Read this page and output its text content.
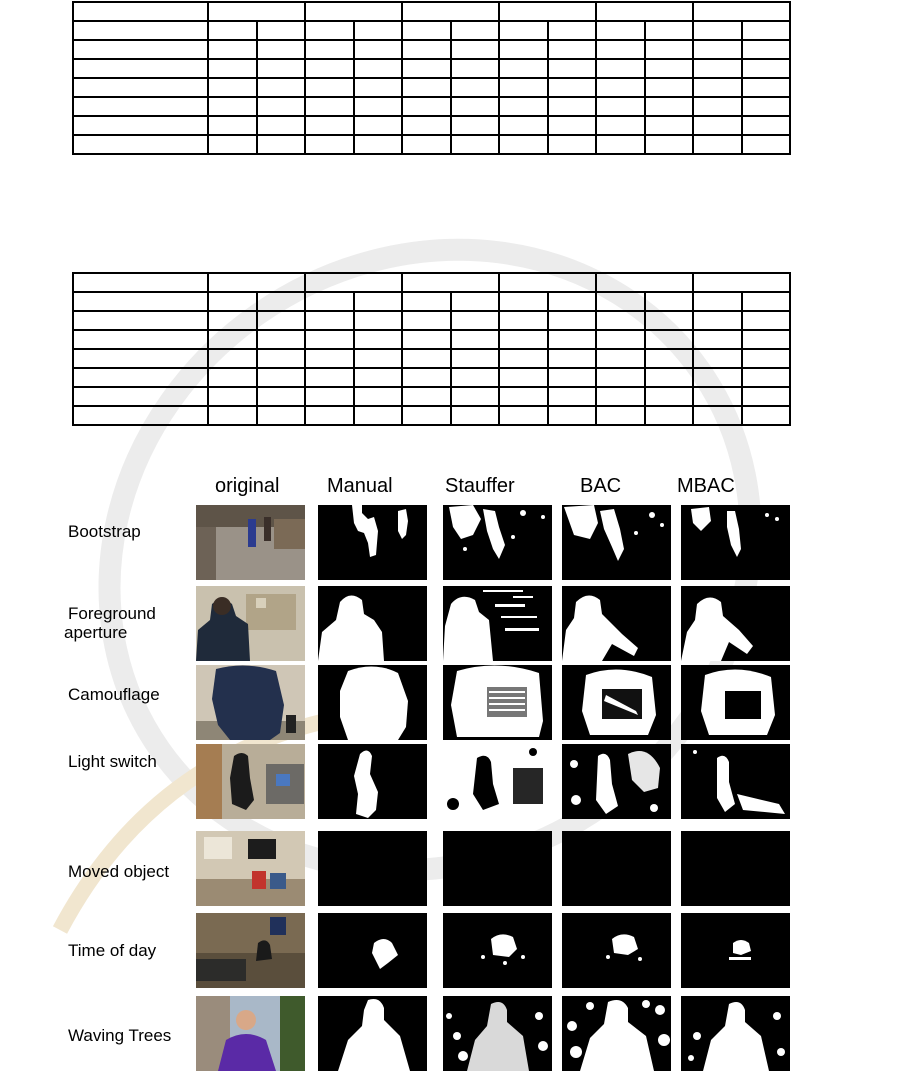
original Manual	Stauffer	BAC	MBAC
Bootstrap
Foreground
aperture
Camouflage
Light switch
Moved object
Time of day
Waving Trees
